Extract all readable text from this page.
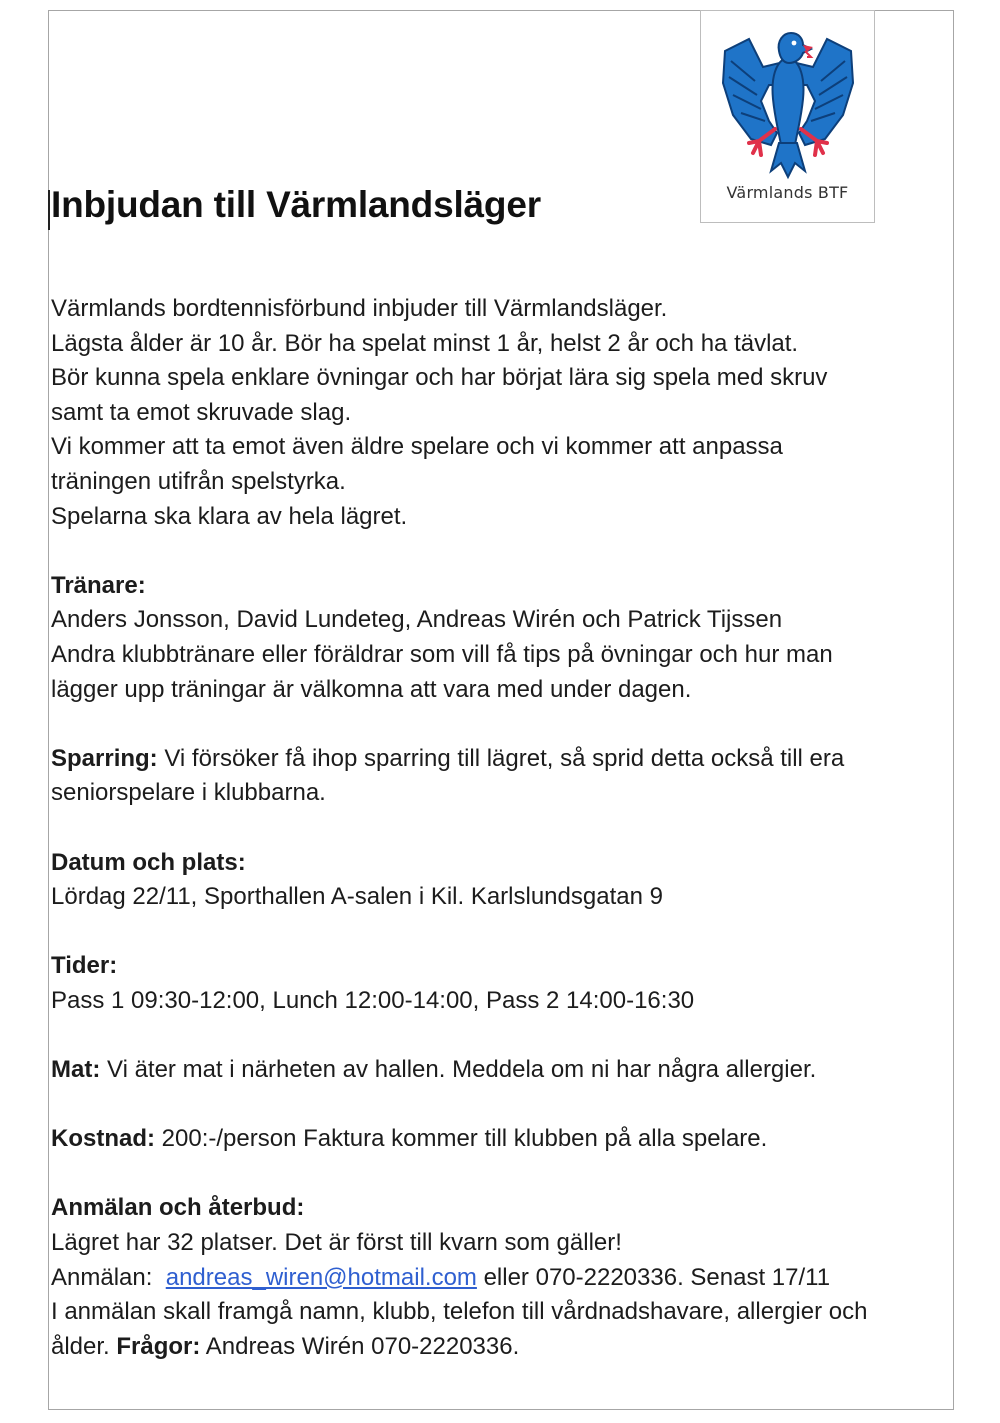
Värmlands BTF
Inbjudan till Värmlandsläger
Värmlands bordtennisförbund inbjuder till Värmlandsläger.
Lägsta ålder är 10 år. Bör ha spelat minst 1 år, helst 2 år och ha tävlat.
Bör kunna spela enklare övningar och har börjat lära sig spela med skruv
samt ta emot skruvade slag.
Vi kommer att ta emot även äldre spelare och vi kommer att anpassa
träningen utifrån spelstyrka.
Spelarna ska klara av hela lägret.
Tränare:
Anders Jonsson, David Lundeteg, Andreas Wirén och Patrick Tijssen
Andra klubbtränare eller föräldrar som vill få tips på övningar och hur man
lägger upp träningar är välkomna att vara med under dagen.
Sparring: Vi försöker få ihop sparring till lägret, så sprid detta också till era
seniorspelare i klubbarna.
Datum och plats:
Lördag 22/11, Sporthallen A-salen i Kil. Karlslundsgatan 9
Tider:
Pass 1 09:30-12:00, Lunch 12:00-14:00, Pass 2 14:00-16:30
Mat: Vi äter mat i närheten av hallen. Meddela om ni har några allergier.
Kostnad: 200:-/person Faktura kommer till klubben på alla spelare.
Anmälan och återbud:
Lägret har 32 platser. Det är först till kvarn som gäller!
Anmälan:  andreas_wiren@hotmail.com eller 070-2220336. Senast 17/11
I anmälan skall framgå namn, klubb, telefon till vårdnadshavare, allergier och
ålder. Frågor: Andreas Wirén 070-2220336.
